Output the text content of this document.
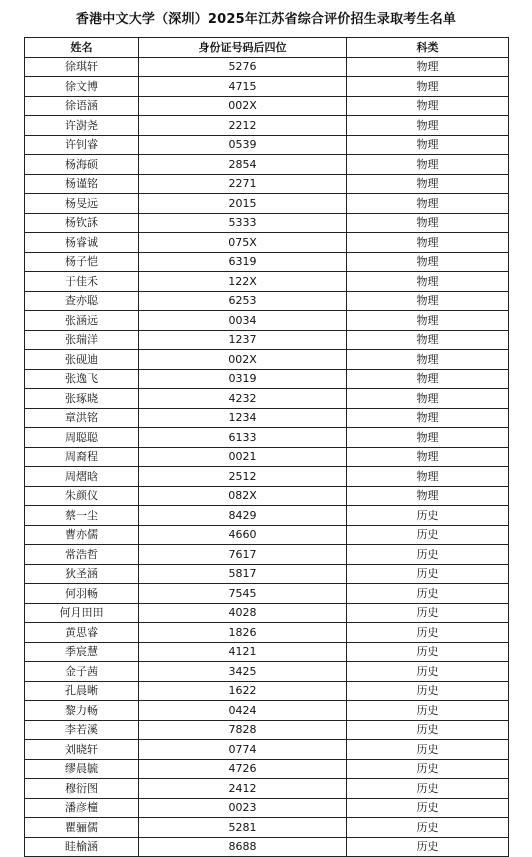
香港中文大学（深圳）2025年江苏省综合评价招生录取考生名单
姓名	身份证号码后四位	科类
徐琪轩	5276	物理
徐文博	4715	物理
徐语涵	002X	物理
许澍尧	2212	物理
许钊睿	0539	物理
杨海硕	2854	物理
杨谨铭	2271	物理
杨旻远	2015	物理
杨钦訸	5333	物理
杨睿诚	075X	物理
杨子恺	6319	物理
于佳禾	122X	物理
查亦聪	6253	物理
张涵远	0034	物理
张瑞洋	1237	物理
张砚迪	002X	物理
张逸飞	0319	物理
张琢晓	4232	物理
章洪铭	1234	物理
周聪聪	6133	物理
周裔程	0021	物理
周熠晗	2512	物理
朱颜仪	082X	物理
蔡一尘	8429	历史
曹亦儒	4660	历史
常浩哲	7617	历史
狄圣涵	5817	历史
何羽畅	7545	历史
何月田田	4028	历史
黄思睿	1826	历史
季宸慧	4121	历史
金子茜	3425	历史
孔晨晰	1622	历史
黎力畅	0424	历史
李若溪	7828	历史
刘晓轩	0774	历史
缪晨毓	4726	历史
穆衍图	2412	历史
潘彦橦	0023	历史
瞿骊儒	5281	历史
眭榆涵	8688	历史
